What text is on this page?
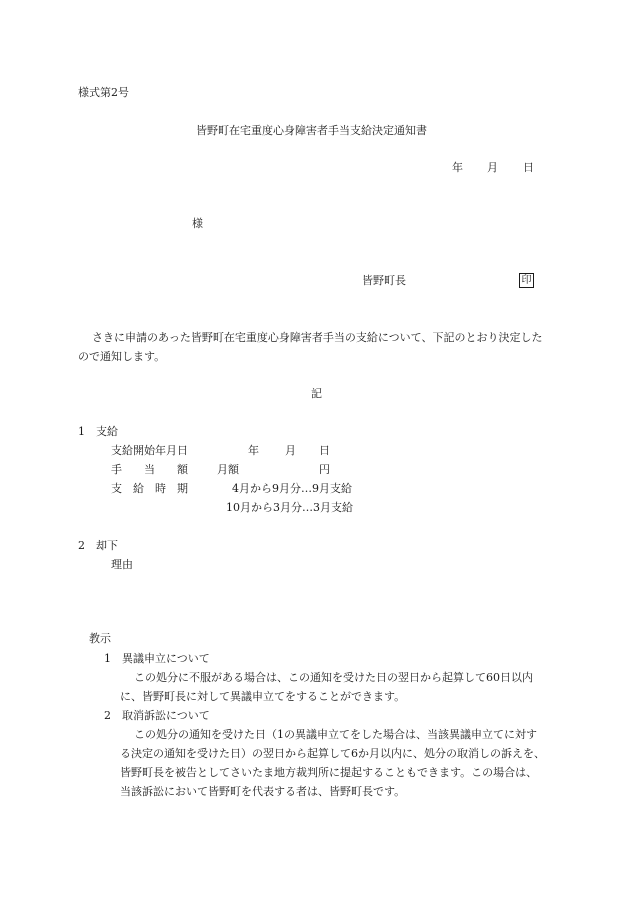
様式第2号
皆野町在宅重度心身障害者手当支給決定通知書
年 月 日
様
皆野町長	印
さきに申請のあった皆野町在宅重度心身障害者手当の支給について、下記のとおり決定した
ので通知します。
記
1　支給
支給開始年月日	年 月 日
手　　当　　額	月額	円
支　給　時　期	4月から9月分…9月支給
10月から3月分…3月支給
2　却下
理由
教示
1　異議申立について
この処分に不服がある場合は、この通知を受けた日の翌日から起算して60日以内
に、皆野町長に対して異議申立てをすることができます。
2　取消訴訟について
この処分の通知を受けた日（1の異議申立てをした場合は、当該異議申立てに対す
る決定の通知を受けた日）の翌日から起算して6か月以内に、処分の取消しの訴えを、
皆野町長を被告としてさいたま地方裁判所に提起することもできます。この場合は、
当該訴訟において皆野町を代表する者は、皆野町長です。
